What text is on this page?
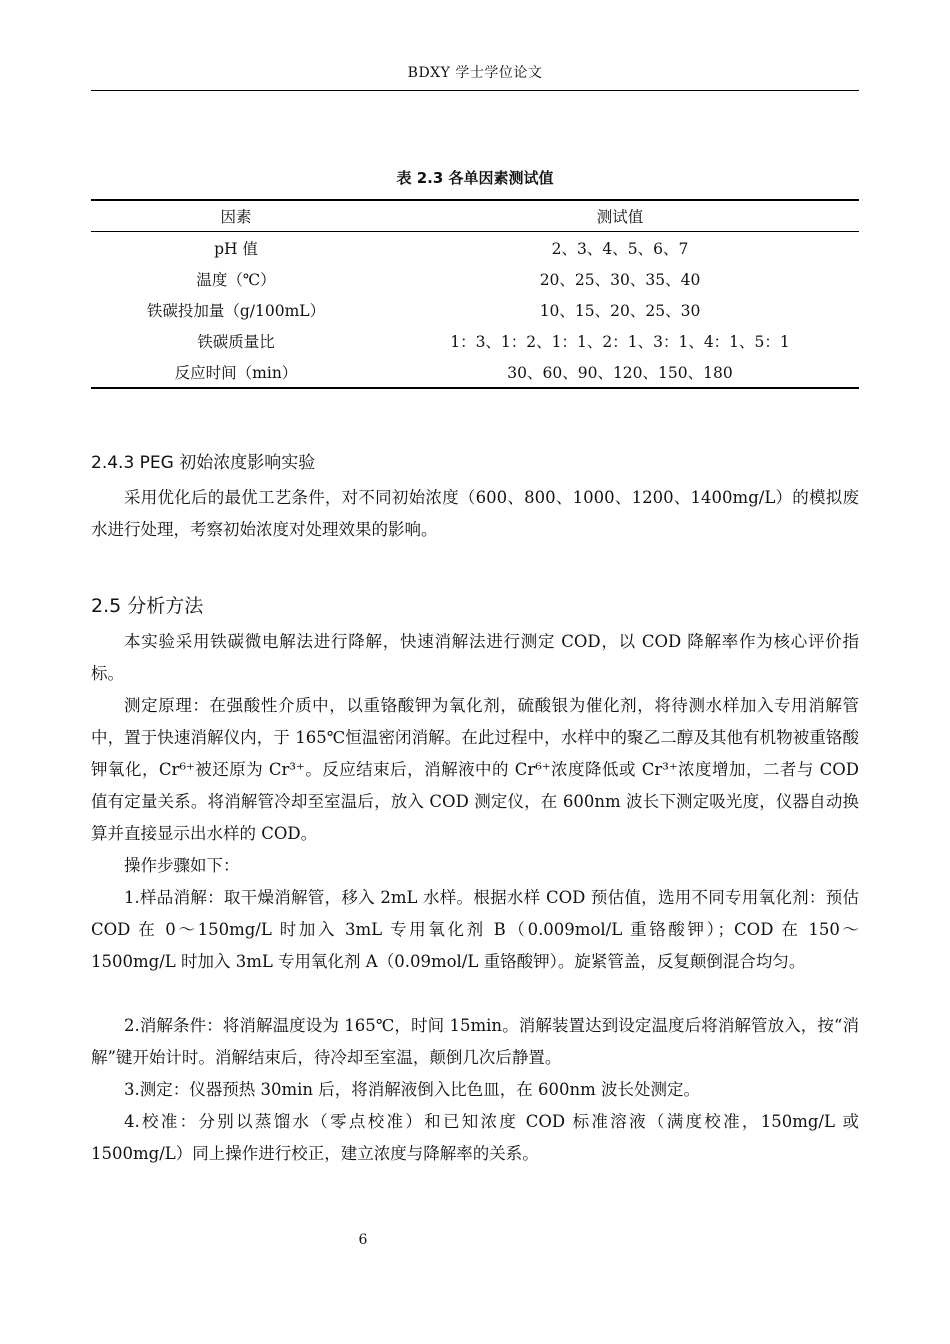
BDXY 学士学位论文
表 2.3 各单因素测试值
因素	测试值
pH 值	2、3、4、5、6、7
温度（℃）	20、25、30、35、40
铁碳投加量（g/100mL）	10、15、20、25、30
铁碳质量比	1：3、1：2、1：1、2：1、3：1、4：1、5：1
反应时间（min）	30、60、90、120、150、180
2.4.3 PEG 初始浓度影响实验

采用优化后的最优工艺条件，对不同初始浓度（600、800、1000、1200、1400mg/L）的模拟废水进行处理，考察初始浓度对处理效果的影响。

2.5 分析方法

本实验采用铁碳微电解法进行降解，快速消解法进行测定 COD，以 COD 降解率作为核心评价指标。

测定原理：在强酸性介质中，以重铬酸钾为氧化剂，硫酸银为催化剂，将待测水样加入专用消解管中，置于快速消解仪内，于 165℃恒温密闭消解。在此过程中，水样中的聚乙二醇及其他有机物被重铬酸钾氧化，Cr⁶⁺被还原为 Cr³⁺。反应结束后，消解液中的 Cr⁶⁺浓度降低或 Cr³⁺浓度增加，二者与 COD 值有定量关系。将消解管冷却至室温后，放入 COD 测定仪，在 600nm 波长下测定吸光度，仪器自动换算并直接显示出水样的 COD。

操作步骤如下：

1.样品消解：取干燥消解管，移入 2mL 水样。根据水样 COD 预估值，选用不同专用氧化剂：预估 COD 在 0～150mg/L 时加入 3mL 专用氧化剂 B（0.009mol/L 重铬酸钾）；COD 在 150～1500mg/L 时加入 3mL 专用氧化剂 A（0.09mol/L 重铬酸钾）。旋紧管盖，反复颠倒混合均匀。

2.消解条件：将消解温度设为 165℃，时间 15min。消解装置达到设定温度后将消解管放入，按“消解”键开始计时。消解结束后，待冷却至室温，颠倒几次后静置。

3.测定：仪器预热 30min 后，将消解液倒入比色皿，在 600nm 波长处测定。

4.校准：分别以蒸馏水（零点校准）和已知浓度 COD 标准溶液（满度校准，150mg/L 或 1500mg/L）同上操作进行校正，建立浓度与降解率的关系。

6
